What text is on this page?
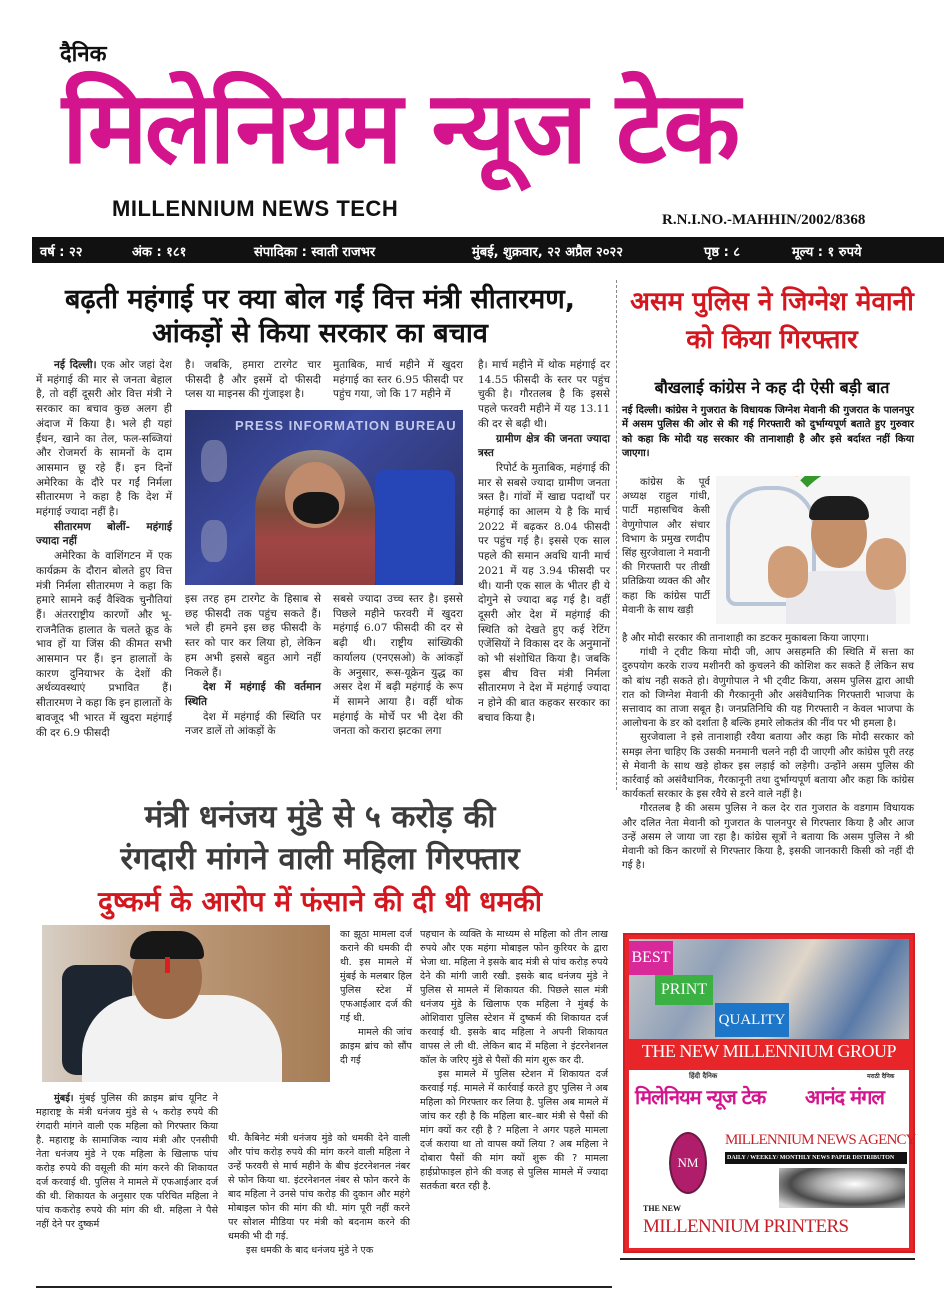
दैनिक
मिलेनियम न्यूज टेक
MILLENNIUM NEWS TECH	R.N.I.NO.-MAHHIN/2002/8368
वर्ष : २२	अंक : १८१	संपादिका : स्वाती राजभर	मुंबई, शुक्रवार, २२ अप्रैल २०२२	पृष्ठ : ८	मूल्य : १ रुपये
बढ़ती महंगाई पर क्या बोल गईं वित्त मंत्री सीतारमण, आंकड़ों से किया सरकार का बचाव

नई दिल्ली। एक ओर जहां देश में महंगाई की मार से जनता बेहाल है, तो वहीं दूसरी ओर वित्त मंत्री ने सरकार का बचाव कुछ अलग ही अंदाज में किया है। भले ही यहां ईंधन, खाने का तेल, फल-सब्जियां और रोजमर्रा के सामनों के दाम आसमान छू रहे हैं। इन दिनों अमेरिका के दौरे पर गईं निर्मला सीतारमण ने कहा है कि देश में महंगाई ज्यादा नहीं है।

सीतारमण बोलीं- महंगाई ज्यादा नहीं

अमेरिका के वाशिंगटन में एक कार्यक्रम के दौरान बोलते हुए वित्त मंत्री निर्मला सीतारमण ने कहा कि हमारे सामने कई वैश्विक चुनौतियां हैं। अंतरराष्ट्रीय कारणों और भू-राजनैतिक हालात के चलते क्रूड के भाव हों या जिंस की कीमत सभी आसमान पर हैं। इन हालातों के कारण दुनियाभर के देशों की अर्थव्यवस्थाएं प्रभावित हैं। सीतारमण ने कहा कि इन हालातों के बावजूद भी भारत में खुदरा महंगाई की दर 6.9 फीसदी

है। जबकि, हमारा टारगेट चार फीसदी है और इसमें दो फीसदी प्लस या माइनस की गुंजाइश है।

मुताबिक, मार्च महीने में खुदरा महंगाई का स्तर 6.95 फीसदी पर पहुंच गया, जो कि 17 महीने में

PRESS INFORMATION BUREAU

इस तरह हम टारगेट के हिसाब से छह फीसदी तक पहुंच सकते हैं। भले ही हमने इस छह फीसदी के स्तर को पार कर लिया हो, लेकिन हम अभी इससे बहुत आगे नहीं निकले हैं।

देश में महंगाई की वर्तमान स्थिति

देश में महंगाई की स्थिति पर नजर डालें तो आंकड़ों के

सबसे ज्यादा उच्च स्तर है। इससे पिछले महीने फरवरी में खुदरा महंगाई 6.07 फीसदी की दर से बढ़ी थी। राष्ट्रीय सांख्यिकी कार्यालय (एनएसओ) के आंकड़ों के अनुसार, रूस-यूक्रेन युद्ध का असर देश में बढ़ी महंगाई के रूप में सामने आया है। वहीं थोक महंगाई के मोर्चे पर भी देश की जनता को करारा झटका लगा

है। मार्च महीने में थोक महंगाई दर 14.55 फीसदी के स्तर पर पहुंच चुकी है। गौरतलब है कि इससे पहले फरवरी महीने में यह 13.11 की दर से बढ़ी थी।

ग्रामीण क्षेत्र की जनता ज्यादा त्रस्त

रिपोर्ट के मुताबिक, महंगाई की मार से सबसे ज्यादा ग्रामीण जनता त्रस्त है। गांवों में खाद्य पदार्थों पर महंगाई का आलम ये है कि मार्च 2022 में बढ़कर 8.04 फीसदी पर पहुंच गई है। इससे एक साल पहले की समान अवधि यानी मार्च 2021 में यह 3.94 फीसदी पर थी। यानी एक साल के भीतर ही ये दोगुने से ज्यादा बढ़ गई है। वहीं दूसरी ओर देश में महंगाई की स्थिति को देखते हुए कई रेटिंग एजेंसियों ने विकास दर के अनुमानों को भी संशोधित किया है। जबकि इस बीच वित्त मंत्री निर्मला सीतारमण ने देश में महंगाई ज्यादा न होने की बात कहकर सरकार का बचाव किया है।

असम पुलिस ने जिग्नेश मेवानी को किया गिरफ्तार
बौखलाई कांग्रेस ने कह दी ऐसी बड़ी बात
नई दिल्ली। कांग्रेस ने गुजरात के विधायक जिग्नेश मेवानी की गुजरात के पालनपुर में असम पुलिस की ओर से की गई गिरफ्तारी को दुर्भाग्यपूर्ण बताते हुए गुरुवार को कहा कि मोदी यह सरकार की तानाशाही है और इसे बर्दाश्त नहीं किया जाएगा।

कांग्रेस के पूर्व अध्यक्ष राहुल गांधी, पार्टी महासचिव केसी वेणुगोपाल और संचार विभाग के प्रमुख रणदीप सिंह सुरजेवाला ने मवानी की गिरफ्तारी पर तीखी प्रतिक्रिया व्यक्त की और कहा कि कांग्रेस पार्टी मेवानी के साथ खड़ी

है और मोदी सरकार की तानाशाही का डटकर मुकाबला किया जाएगा।

गांधी ने ट्वीट किया मोदी जी, आप असहमति की स्थिति में सत्ता का दुरुपयोग करके राज्य मशीनरी को कुचलने की कोशिश कर सकते हैं लेकिन सच को बांध नही सकते हो। वेणुगोपाल ने भी ट्वीट किया, असम पुलिस द्वारा आधी रात को जिग्नेश मेवानी की गैरकानूनी और असंवैधानिक गिरफ्तारी भाजपा के सत्तावाद का ताजा सबूत है। जनप्रतिनिधि की यह गिरफ्तारी न केवल भाजपा के आलोचना के डर को दर्शाता है बल्कि हमारे लोकतंत्र की नींव पर भी हमला है।

सुरजेवाला ने इसे तानाशाही रवैया बताया और कहा कि मोदी सरकार को समझ लेना चाहिए कि उसकी मनमानी चलने नही दी जाएगी और कांग्रेस पूरी तरह से मेवानी के साथ खड़े होकर इस लड़ाई को लड़ेगी। उन्होंने असम पुलिस की कार्रवाई को असंवैधानिक, गैरकानूनी तथा दुर्भाग्यपूर्ण बताया और कहा कि कांग्रेस कार्यकर्ता सरकार के इस रवैये से डरने वाले नहीं है।

गौरतलब है की असम पुलिस ने कल देर रात गुजरात के वडगाम विधायक और दलित नेता मेवानी को गुजरात के पालनपुर से गिरफ्तार किया है और आज उन्हें असम ले जाया जा रहा है। कांग्रेस सूत्रों ने बताया कि असम पुलिस ने श्री मेवानी को किन कारणों से गिरफ्तार किया है, इसकी जानकारी किसी को नहीं दी गई है।

मंत्री धनंजय मुंडे से ५ करोड़ की
रंगदारी मांगने वाली महिला गिरफ्तार
दुष्कर्म के आरोप में फंसाने की दी थी धमकी

का झूठा मामला दर्ज कराने की धमकी दी थी. इस मामले में मुंबई के मलबार हिल पुलिस स्टेश में एफआईआर दर्ज की गई थी.

मामले की जांच क्राइम ब्रांच को सौंप दी गई

मुंबई। मुंबई पुलिस की क्राइम ब्रांच यूनिट ने महाराष्ट्र के मंत्री धनंजय मुंडे से ५ करोड़ रुपये की रंगदारी मांगने वाली एक महिला को गिरफ्तार किया है. महाराष्ट्र के सामाजिक न्याय मंत्री और एनसीपी नेता धनंजय मुंडे ने एक महिला के खिलाफ पांच करोड़ रुपये की वसूली की मांग करने की शिकायत दर्ज करवाई थी. पुलिस ने मामले में एफआईआर दर्ज की थी. शिकायत के अनुसार एक परिचित महिला ने पांच ककरोड़ रुपये की मांग की थी. महिला ने पैसे नहीं देने पर दुष्कर्म

थी. कैबिनेट मंत्री धनंजय मुंडे को धमकी देने वाली और पांच करोड़ रुपये की मांग करने वाली महिला ने उन्हें फरवरी से मार्च महीने के बीच इंटरनेशनल नंबर से फोन किया था. इंटरनेशनल नंबर से फोन करने के बाद महिला ने उनसे पांच करोड़ की दुकान और महंगे मोबाइल फोन की मांग की थी. मांग पूरी नहीं करने पर सोशल मीडिया पर मंत्री को बदनाम करने की धमकी भी दी गई.

इस धमकी के बाद धनंजय मुंडे ने एक

पहचान के व्यक्ति के माध्यम से महिला को तीन लाख रुपये और एक महंगा मोबाइल फोन कुरियर के द्वारा भेजा था. महिला ने इसके बाद मंत्री से पांच करोड़ रुपये देने की मांगी जारी रखी. इसके बाद धनंजय मुंडे ने पुलिस से मामले में शिकायत की. पिछले साल मंत्री धनंजय मुंडे के खिलाफ एक महिला ने मुंबई के ओशिवारा पुलिस स्टेशन में दुष्कर्म की शिकायत दर्ज करवाई थी. इसके बाद महिला ने अपनी शिकायत वापस ले ली थी. लेकिन बाद में महिला ने इंटरनेशनल कॉल के जरिए मुंडे से पैसों की मांग शुरू कर दी.

इस मामले में पुलिस स्टेशन में शिकायत दर्ज करवाई गई. मामले में कार्रवाई करते हुए पुलिस ने अब महिला को गिरफ्तार कर लिया है. पुलिस अब मामले में जांच कर रही है कि महिला बार–बार मंत्री से पैसों की मांग क्यों कर रही है ? महिला ने अगर पहले मामला दर्ज कराया था तो वापस क्यों लिया ? अब महिला ने दोबारा पैसों की मांग क्यों शुरू की ? मामला हाईप्रोफाइल होने की वजह से पुलिस मामले में ज्यादा सतर्कता बरत रही है.

BEST
PRINT
QUALITY
THE NEW MILLENNIUM GROUP
हिंदी दैनिक	मराठी दैनिक
मिलेनियम न्यूज टेक आनंद मंगल
NM
MILLENNIUM NEWS AGENCY
DAILY / WEEKLY/ MONTHLY NEWS PAPER DISTRIBUTON
THE NEW
MILLENNIUM PRINTERS
